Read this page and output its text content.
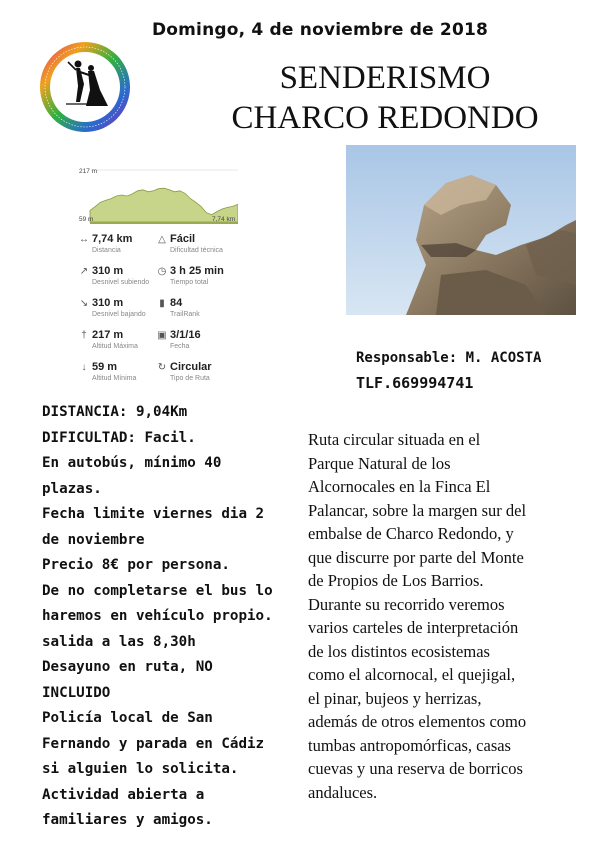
Domingo, 4 de noviembre de 2018
SENDERISMO
CHARCO REDONDO
217 m
59 m	7,74 km
↔ 7,74 km
Distancia
△ Fácil
Dificultad técnica
↗ 310 m
Desnivel subiendo
◷ 3 h 25 min
Tiempo total
↘ 310 m
Desnivel bajando
▮ 84
TrailRank
† 217 m
Altitud Máxima
▣ 3/1/16
Fecha
↓ 59 m
Altitud Mínima
↻ Circular
Tipo de Ruta
Responsable: M. ACOSTA
TLF.669994741
DISTANCIA: 9,04Km
DIFICULTAD: Facil.
En autobús, mínimo 40
plazas.
Fecha limite viernes dia 2
de noviembre
Precio 8€ por persona.
De no completarse el bus lo
haremos en vehículo propio.
salida a las 8,30h
Desayuno en ruta, NO
INCLUIDO
Policía local de San
Fernando y parada en Cádiz
si alguien lo solicita.
Actividad abierta a
familiares y amigos.
Ruta circular situada en el
Parque Natural de los
Alcornocales en la Finca El
Palancar, sobre la margen sur del
embalse de Charco Redondo, y
que discurre por parte del Monte
de Propios de Los Barrios.
Durante su recorrido veremos
varios carteles de interpretación
de los distintos ecosistemas
como el alcornocal, el quejigal,
el pinar, bujeos y herrizas,
además de otros elementos como
tumbas antropomórficas, casas
cuevas y una reserva de borricos
andaluces.
